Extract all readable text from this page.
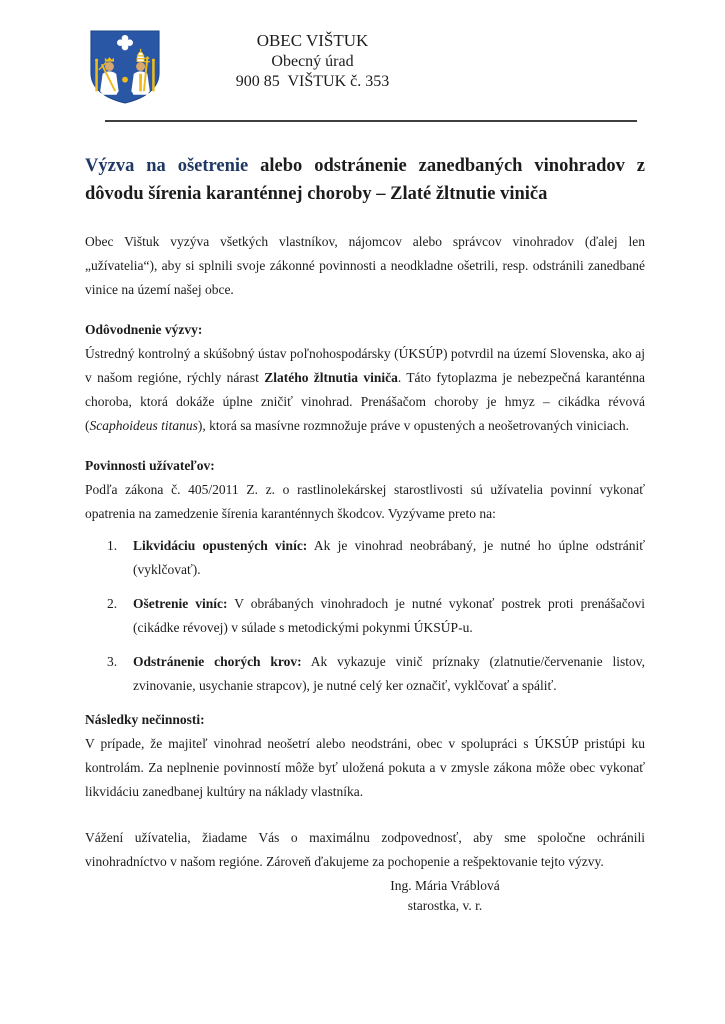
OBEC VIŠTUK
Obecný úrad
900 85  VIŠTUK č. 353
Výzva na ošetrenie alebo odstránenie zanedbaných vinohradov z dôvodu šírenia karanténnej choroby – Zlaté žltnutie viniča

Obec Vištuk vyzýva všetkých vlastníkov, nájomcov alebo správcov vinohradov (ďalej len „užívatelia“), aby si splnili svoje zákonné povinnosti a neodkladne ošetrili, resp. odstránili zanedbané vinice na území našej obce.

Odôvodnenie výzvy:

Ústredný kontrolný a skúšobný ústav poľnohospodársky (ÚKSÚP) potvrdil na území Slovenska, ako aj v našom regióne, rýchly nárast Zlatého žltnutia viniča. Táto fytoplazma je nebezpečná karanténna choroba, ktorá dokáže úplne zničiť vinohrad. Prenášačom choroby je hmyz – cikádka révová (Scaphoideus titanus), ktorá sa masívne rozmnožuje práve v opustených a neošetrovaných viniciach.

Povinnosti užívateľov:

Podľa zákona č. 405/2011 Z. z. o rastlinolekárskej starostlivosti sú užívatelia povinní vykonať opatrenia na zamedzenie šírenia karanténnych škodcov. Vyzývame preto na:

1.	Likvidáciu opustených viníc: Ak je vinohrad neobrábaný, je nutné ho úplne odstrániť (vyklčovať).
2.	Ošetrenie viníc: V obrábaných vinohradoch je nutné vykonať postrek proti prenášačovi (cikádke révovej) v súlade s metodickými pokynmi ÚKSÚP-u.
3.	Odstránenie chorých krov: Ak vykazuje vinič príznaky (zlatnutie/červenanie listov, zvinovanie, usychanie strapcov), je nutné celý ker označiť, vyklčovať a spáliť.
Následky nečinnosti:

V prípade, že majiteľ vinohrad neošetrí alebo neodstráni, obec v spolupráci s ÚKSÚP pristúpi ku kontrolám. Za neplnenie povinností môže byť uložená pokuta a v zmysle zákona môže obec vykonať likvidáciu zanedbanej kultúry na náklady vlastníka.

Vážení užívatelia, žiadame Vás o maximálnu zodpovednosť, aby sme spoločne ochránili vinohradníctvo v našom regióne. Zároveň ďakujeme za pochopenie a rešpektovanie tejto výzvy.

Ing. Mária Vráblová
starostka, v. r.
